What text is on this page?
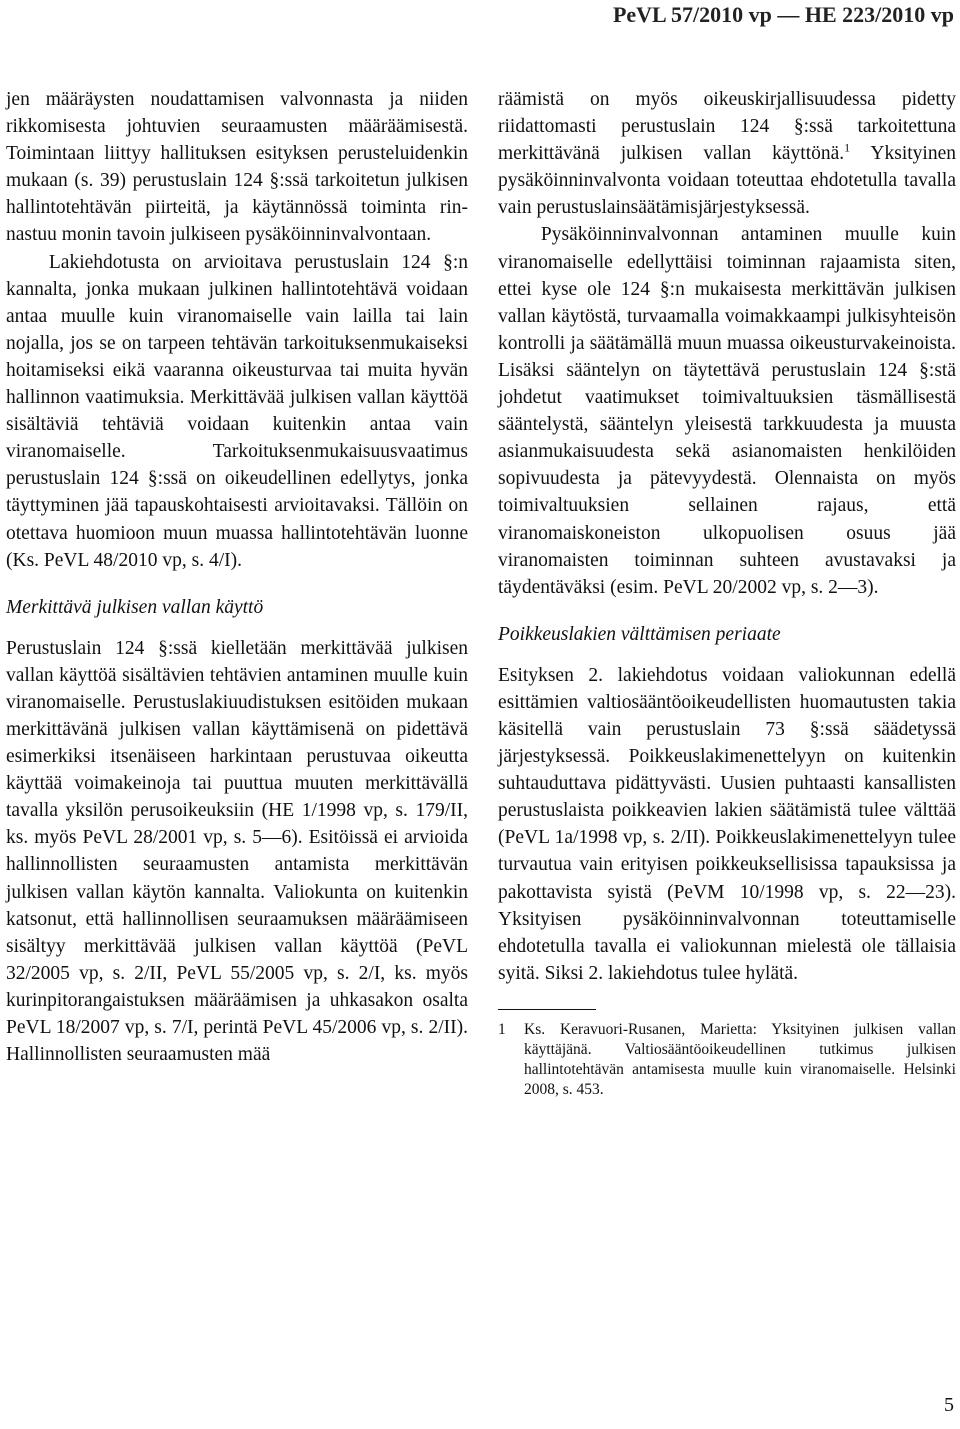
PeVL 57/2010 vp — HE 223/2010 vp

jen määräysten noudattamisen valvonnasta ja niiden rikkomisesta johtuvien seuraamusten määräämisestä. Toimintaan liittyy hallituksen esityksen perusteluidenkin mukaan (s. 39) perustuslain 124 §:ssä tarkoitetun julkisen hallintotehtävän piirteitä, ja käytännössä toiminta rinnastuu monin tavoin julkiseen pysäköinninvalvontaan.

Lakiehdotusta on arvioitava perustuslain 124 §:n kannalta, jonka mukaan julkinen hallintotehtävä voidaan antaa muulle kuin viranomaiselle vain lailla tai lain nojalla, jos se on tarpeen tehtävän tarkoituksenmukaiseksi hoitamiseksi eikä vaaranna oikeusturvaa tai muita hyvän hallinnon vaatimuksia. Merkittävää julkisen vallan käyttöä sisältäviä tehtäviä voidaan kuitenkin antaa vain viranomaiselle. Tarkoituksenmukaisuusvaatimus perustuslain 124 §:ssä on oikeudellinen edellytys, jonka täyttyminen jää tapauskohtaisesti arvioitavaksi. Tällöin on otettava huomioon muun muassa hallintotehtävän luonne (Ks. PeVL 48/2010 vp, s. 4/I).

Merkittävä julkisen vallan käyttö

Perustuslain 124 §:ssä kielletään merkittävää julkisen vallan käyttöä sisältävien tehtävien antaminen muulle kuin viranomaiselle. Perustuslakiuudistuksen esitöiden mukaan merkittävänä julkisen vallan käyttämisenä on pidettävä esimerkiksi itsenäiseen harkintaan perustuvaa oikeutta käyttää voimakeinoja tai puuttua muuten merkittävällä tavalla yksilön perusoikeuksiin (HE 1/1998 vp, s. 179/II, ks. myös PeVL 28/2001 vp, s. 5—6). Esitöissä ei arvioida hallinnollisten seuraamusten antamista merkittävän julkisen vallan käytön kannalta. Valiokunta on kuitenkin katsonut, että hallinnollisen seuraamuksen määräämiseen sisältyy merkittävää julkisen vallan käyttöä (PeVL 32/2005 vp, s. 2/II, PeVL 55/2005 vp, s. 2/I, ks. myös kurinpitorangaistuksen määräämisen ja uhkasakon osalta PeVL 18/2007 vp, s. 7/I, perintä PeVL 45/2006 vp, s. 2/II). Hallinnollisten seuraamusten mää

räämistä on myös oikeuskirjallisuudessa pidetty riidattomasti perustuslain 124 §:ssä tarkoitettuna merkittävänä julkisen vallan käyttönä.$^1$ Yksityinen pysäköinninvalvonta voidaan toteuttaa ehdotetulla tavalla vain perustuslainsäätämisjärjestyksessä.

Pysäköinninvalvonnan antaminen muulle kuin viranomaiselle edellyttäisi toiminnan rajaamista siten, ettei kyse ole 124 §:n mukaisesta merkittävän julkisen vallan käytöstä, turvaamalla voimakkaampi julkisyhteisön kontrolli ja säätämällä muun muassa oikeusturvakeinoista. Lisäksi sääntelyn on täytettävä perustuslain 124 §:stä johdetut vaatimukset toimivaltuuksien täsmällisestä sääntelystä, sääntelyn yleisestä tarkkuudesta ja muusta asianmukaisuudesta sekä asianomaisten henkilöiden sopivuudesta ja pätevyydestä. Olennaista on myös toimivaltuuksien sellainen rajaus, että viranomaiskoneiston ulkopuolisen osuus jää viranomaisten toiminnan suhteen avustavaksi ja täydentäväksi (esim. PeVL 20/2002 vp, s. 2—3).

Poikkeuslakien välttämisen periaate

Esityksen 2. lakiehdotus voidaan valiokunnan edellä esittämien valtiosääntöoikeudellisten huomautusten takia käsitellä vain perustuslain 73 §:ssä säädetyssä järjestyksessä. Poikkeuslakimenettelyyn on kuitenkin suhtauduttava pidättyvästi. Uusien puhtaasti kansallisten perustuslaista poikkeavien lakien säätämistä tulee välttää (PeVL 1a/1998 vp, s. 2/II). Poikkeuslakimenettelyyn tulee turvautua vain erityisen poikkeuksellisissa tapauksissa ja pakottavista syistä (PeVM 10/1998 vp, s. 22—23). Yksityisen pysäköinninvalvonnan toteuttamiselle ehdotetulla tavalla ei valiokunnan mielestä ole tällaisia syitä. Siksi 2. lakiehdotus tulee hylätä.

1 Ks. Keravuori-Rusanen, Marietta: Yksityinen julkisen vallan käyttäjänä. Valtiosääntöoikeudellinen tutkimus julkisen hallintotehtävän antamisesta muulle kuin viranomaiselle. Helsinki 2008, s. 453.
5
